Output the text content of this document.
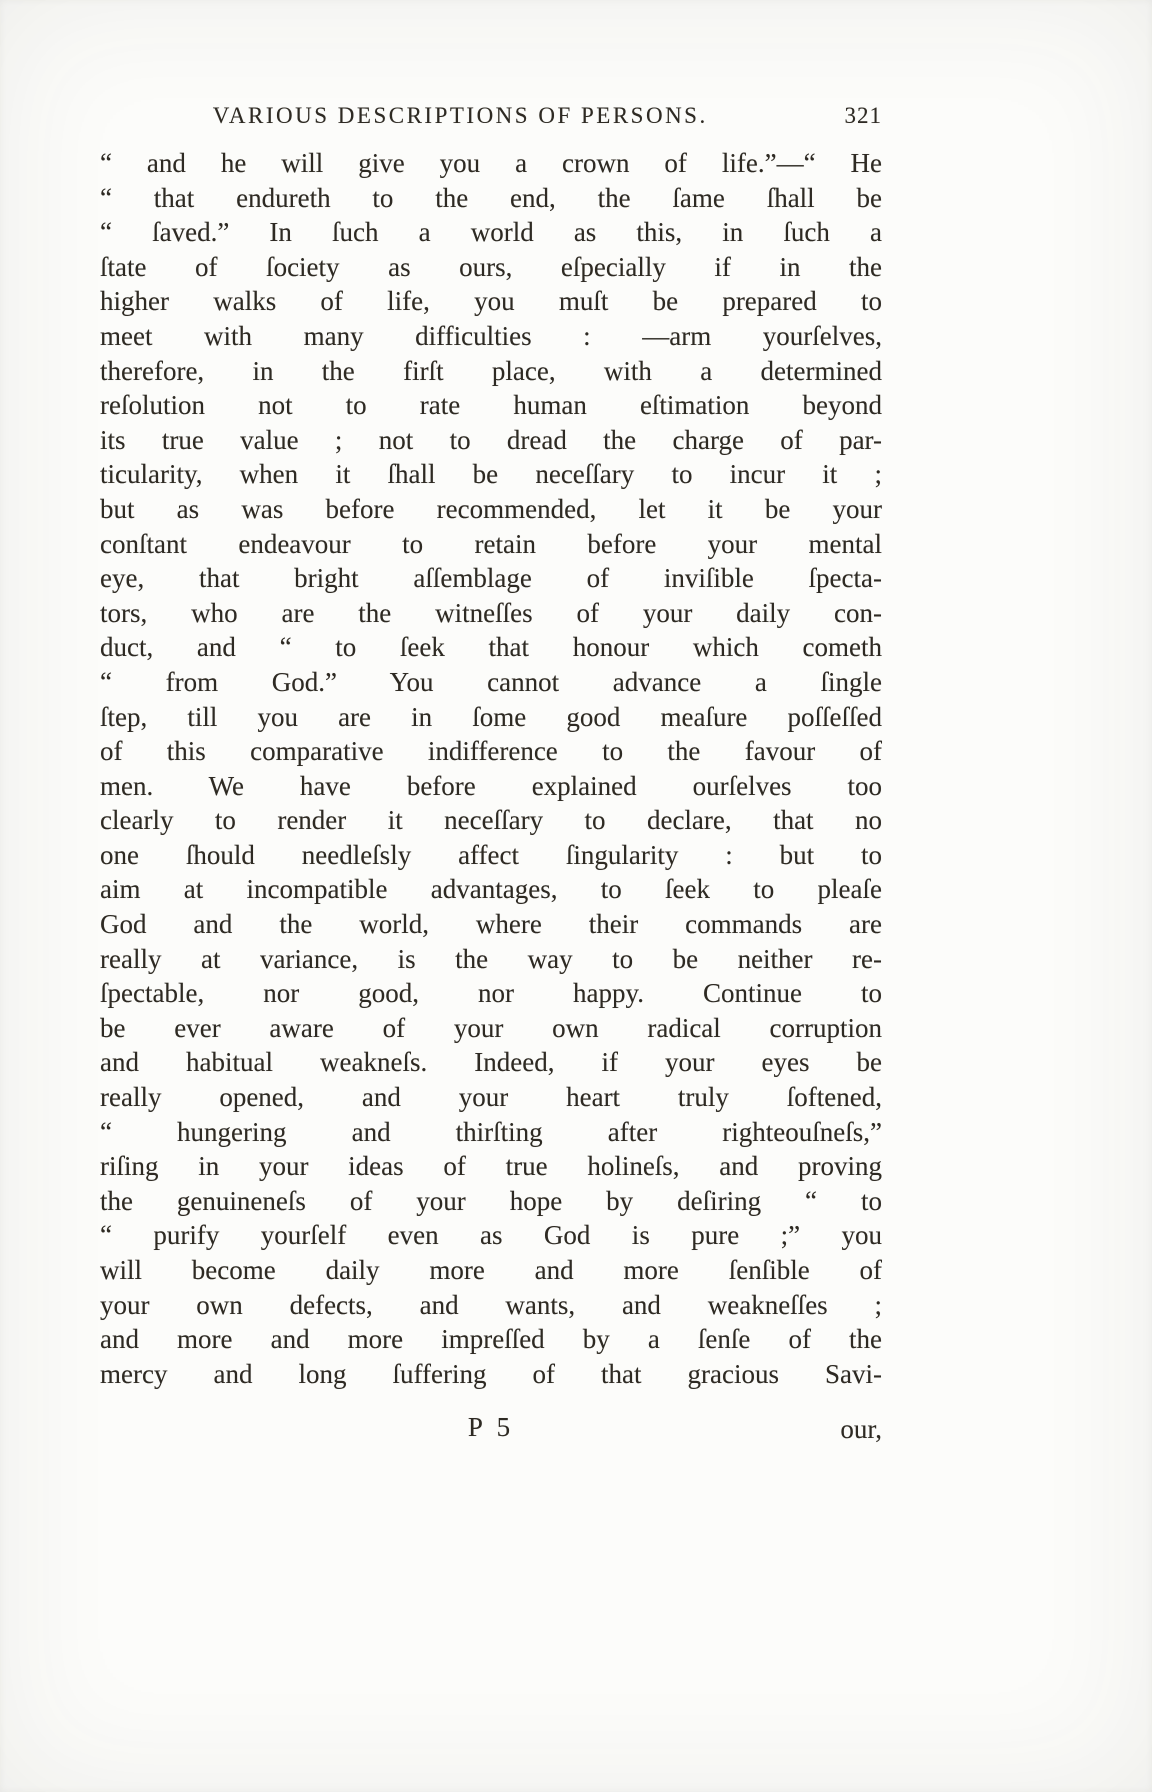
VARIOUS DESCRIPTIONS OF PERSONS.	321
“ and he will give you a crown of life.”—“ He
“ that endureth to the end, the ſame ſhall be
“ ſaved.” In ſuch a world as this, in ſuch a
ſtate of ſociety as ours, eſpecially if in the
higher walks of life, you muſt be prepared to
meet with many difficulties : —arm yourſelves,
therefore, in the firſt place, with a determined
reſolution not to rate human eſtimation beyond
its true value ; not to dread the charge of par-
ticularity, when it ſhall be neceſſary to incur it ;
but as was before recommended, let it be your
conſtant endeavour to retain before your mental
eye, that bright aſſemblage of inviſible ſpecta-
tors, who are the witneſſes of your daily con-
duct, and “ to ſeek that honour which cometh
“ from God.” You cannot advance a ſingle
ſtep, till you are in ſome good meaſure poſſeſſed
of this comparative indifference to the favour of
men. We have before explained ourſelves too
clearly to render it neceſſary to declare, that no
one ſhould needleſsly affect ſingularity : but to
aim at incompatible advantages, to ſeek to pleaſe
God and the world, where their commands are
really at variance, is the way to be neither re-
ſpectable, nor good, nor happy. Continue to
be ever aware of your own radical corruption
and habitual weakneſs. Indeed, if your eyes be
really opened, and your heart truly ſoftened,
“ hungering and thirſting after righteouſneſs,”
riſing in your ideas of true holineſs, and proving
the genuineneſs of your hope by deſiring “ to
“ purify yourſelf even as God is pure ;” you
will become daily more and more ſenſible of
your own defects, and wants, and weakneſſes ;
and more and more impreſſed by a ſenſe of the
mercy and long ſuffering of that gracious Savi-
P 5	our,
